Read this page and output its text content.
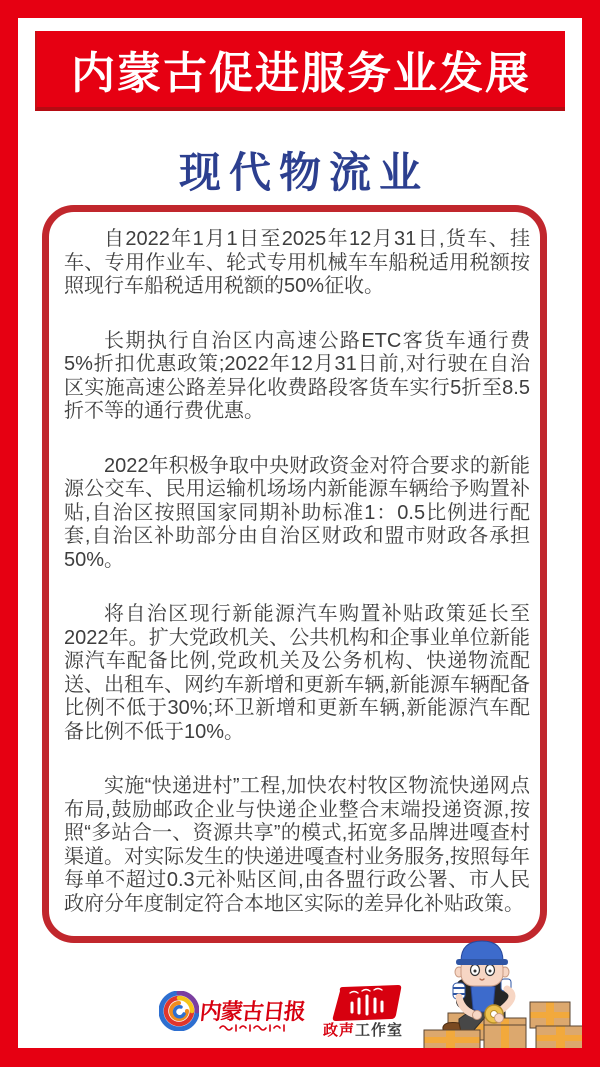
内蒙古促进服务业发展
现代物流业

自2022年1月1日至2025年12月31日,货车、挂车、专用作业车、轮式专用机械车车船税适用税额按照现行车船税适用税额的50%征收。

长期执行自治区内高速公路ETC客货车通行费5%折扣优惠政策;2022年12月31日前,对行驶在自治区实施高速公路差异化收费路段客货车实行5折至8.5折不等的通行费优惠。

2022年积极争取中央财政资金对符合要求的新能源公交车、民用运输机场场内新能源车辆给予购置补贴,自治区按照国家同期补助标准1：0.5比例进行配套,自治区补助部分由自治区财政和盟市财政各承担50%。

将自治区现行新能源汽车购置补贴政策延长至2022年。扩大党政机关、公共机构和企事业单位新能源汽车配备比例,党政机关及公务机构、快递物流配送、出租车、网约车新增和更新车辆,新能源车辆配备比例不低于30%;环卫新增和更新车辆,新能源汽车配备比例不低于10%。

实施“快递进村”工程,加快农村牧区物流快递网点布局,鼓励邮政企业与快递企业整合末端投递资源,按照“多站合一、资源共享”的模式,拓宽多品牌进嘎查村渠道。对实际发生的快递进嘎查村业务服务,按照每年每单不超过0.3元补贴区间,由各盟行政公署、市人民政府分年度制定符合本地区实际的差异化补贴政策。

内蒙古日报
政声工作室
